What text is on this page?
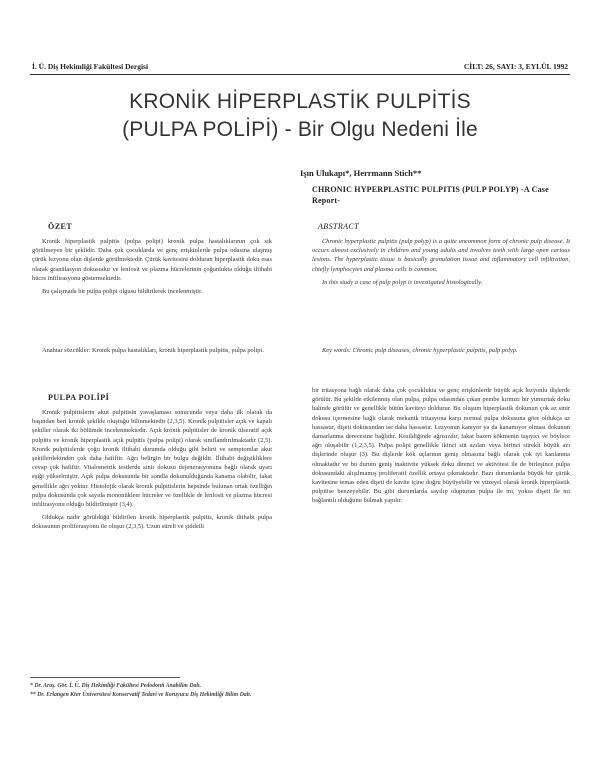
İ. Ü. Diş Hekimliği Fakültesi Dergisi	CİLT: 26, SAYI: 3, EYLÜL 1992
KRONİK HİPERPLASTİK PULPİTİS
(PULPA POLİPİ) - Bir Olgu Nedeni İle
Işın Ulukapı*, Herrmann Stich**
CHRONIC HYPERPLASTIC PULPITIS (PULP POLYP) -A Case Report-
ÖZET

Kronik hiperplastik pulpitis (pulpa polipi) kronik pulpa hastalıklarının çok sık görülmeyen bir şeklidir. Daha çok çocuklarda ve genç erişkinlerde pulpa odasına ulaşmış çürük lezyonu olan dişlerde görülmektedir. Çürük kavitesini dolduran hiperplastik doku esas olarak granülasyon dokusudur ve lenfosit ve plazma hücrelerinin çoğunlukta olduğu iltihabi hücre infiltrasyonu göstermektedir.

Bu çalışmada bir pulpa polipi olgusu bildirilerek incelenmiştir.

Anahtar sözcükler: Kronik pulpa hastalıkları, kronik hiperplastik pulpitis, pulpa polipi.
ABSTRACT

Chronic hyperplastic pulpitis (pulp polyp) is a quite uncommon form of chronic pulp disease. It occurs almost exclusively in children and young adults and involves teeth with large open carious lesions. The hyperplastic tissue is basically granulation tissue and inflammatory cell infiltration, chiefly lymphocytes and plasma cells is common.

In this study a case of pulp polyp is investigated histologically.

Key words: Chronic pulp diseases, chronic hyperplastic pulpitis, pulp polyp.
PULPA POLİPİ

Kronik pulpitislerin akut pulpitisin yavaşlaması sonucunda veya daha ilk olarak da başından beri kronik şekilde oluştuğu bilinmektedir (2,3,5). Kronik pulpitisler açık ve kapalı şekiller olarak iki bölümde incelenmektedir. Açık kronik pulpitisler de kronik ülseratif açık pulpitis ve kronik hiperplastik açık pulpitis (pulpa polipi) olarak sınıflandırılmaktadır (2,5). Kronik pulpitislerde çoğu kronik iltihabi durumda olduğu gibi belirti ve semptomlar akut şekillerdekinden çok daha hafiftir. Ağrı belirgin bir bulgu değildir. İltihabi değişikliklere cevap çok hafiftir. Vitalometrik testlerde sinir dokusu dejenerasyonuna bağlı olarak uyarı eşiği yükselmiştir. Açık pulpa dokusunda bir sondla dokunulduğunda kanama olabilir, fakat genellikle ağrı yoktur. Histolojik olarak kronik pulpitislerin hepsinde bulunan ortak özelliğin pulpa dokusunda çok sayıda mononükleer hücreler ve özellikle de lenfosit ve plazma hücresi infiltrasyonu olduğu bildirilmiştir (3,4).

Oldukça nadir görüldüğü bildirilen kronik hiperplastik pulpitis, kronik iltihabi pulpa dokusunun proliferasyonu ile oluşur (2,3,5). Uzun süreli ve şiddetli

bir iritasyona bağlı olarak daha çok çocuklukta ve genç erişkinlerde büyük açık lezyonlu dişlerde görülür. Bu şekilde etkilenmiş olan pulpa, pulpa odasından çıkan pembe kırmızı bir yumurtak doku halinde görülür ve genellikle bütün kaviteyi doldurur. Bu oluşum hiperplastik dokunun çok az sinir dokusu içermesine bağlı olarak mekanik iritasyona karşı normal pulpa dokusuna göre oldukça az hassastır, dişeti dokusundan ise daha hassastır. Lezyonun kanıyor ya da kanamıyor olması dokunun damarlanma derecesine bağlıdır. Kesildiğinde ağrısızdır, fakat bazen kökmenin taşıyıcı ve böylece ağrı oluşabilir (1,2,3,5). Pulpa polipi genellikle ikinci süt azıları veya birinci sürekli büyük azı dişlerinde oluşur (3). Bu dişlerde kök uçlarının geniş olmasına bağlı olarak çok iyi kanlanma olmaktadır ve bu durum geniş inaktivite yüksek doku direnci ve aktivitesi ile de birleşince pulpa dokusundaki alışılmamış proliferatif özellik ortaya çıkmaktadır. Bazı durumlarda büyük bir çürük kavitesine temas eden dişeti de kavite içine doğru büyüyebilir ve yüzeyel olarak kronik hiperplastik pulpitise benzeyebilir. Bu gibi durumlarda sayılıp olupturan pulpa ile mi, yoksa dişeti ile mi bağlantılı olduğunu bulmak yapılır.

* Dr. Araş. Gör. İ. Ü. Diş Hekimliği Fakültesi Pedodonti Anabilim Dalı.
** Dr. Erlangen Ktor Üniversitesi Konservatif Tedavi ve Koruyucu Diş Hekimliği Bilim Dalı.
